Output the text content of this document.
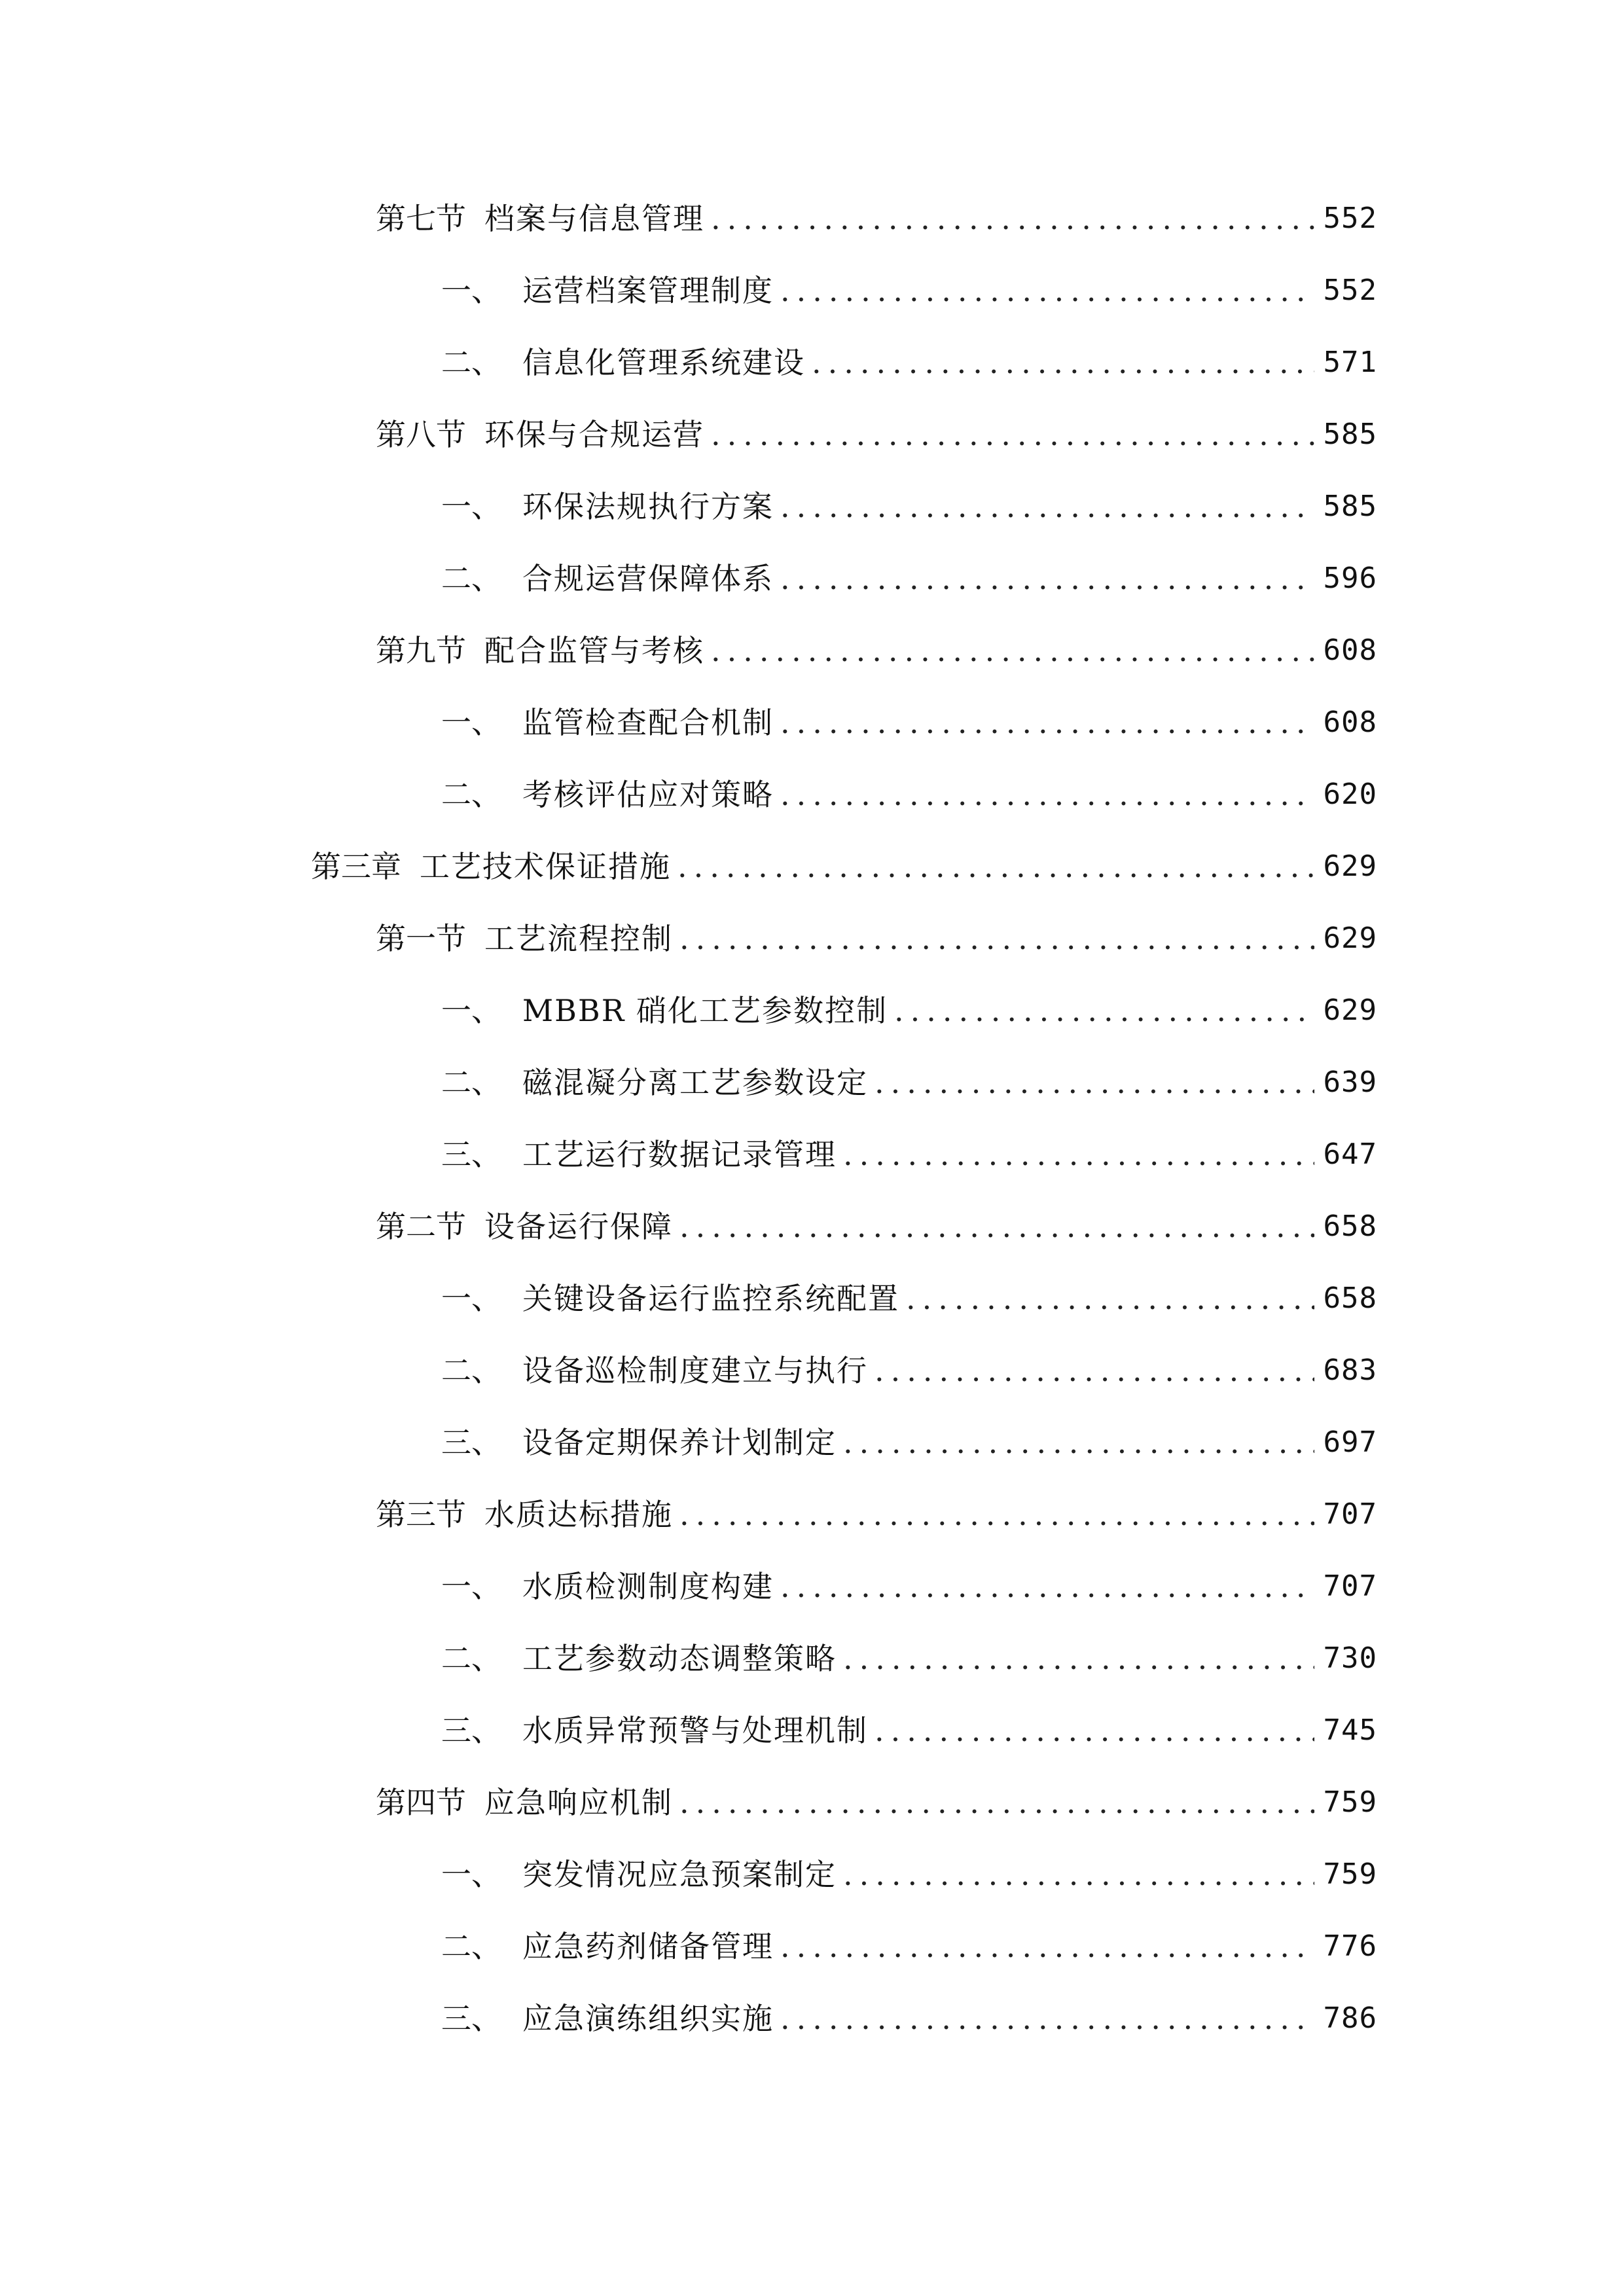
第七节 档案与信息管理 .....	552
一、 运营档案管理制度 .....	552
二、 信息化管理系统建设 .....	571
第八节 环保与合规运营 .....	585
一、 环保法规执行方案 .....	585
二、 合规运营保障体系 .....	596
第九节 配合监管与考核 .....	608
一、 监管检查配合机制 .....	608
二、 考核评估应对策略 .....	620
第三章 工艺技术保证措施 .....	629
第一节 工艺流程控制 .....	629
一、 MBBR 硝化工艺参数控制 .....	629
二、 磁混凝分离工艺参数设定 .....	639
三、 工艺运行数据记录管理 .....	647
第二节 设备运行保障 .....	658
一、 关键设备运行监控系统配置 .....	658
二、 设备巡检制度建立与执行 .....	683
三、 设备定期保养计划制定 .....	697
第三节 水质达标措施 .....	707
一、 水质检测制度构建 .....	707
二、 工艺参数动态调整策略 .....	730
三、 水质异常预警与处理机制 .....	745
第四节 应急响应机制 .....	759
一、 突发情况应急预案制定 .....	759
二、 应急药剂储备管理 .....	776
三、 应急演练组织实施 .....	786
